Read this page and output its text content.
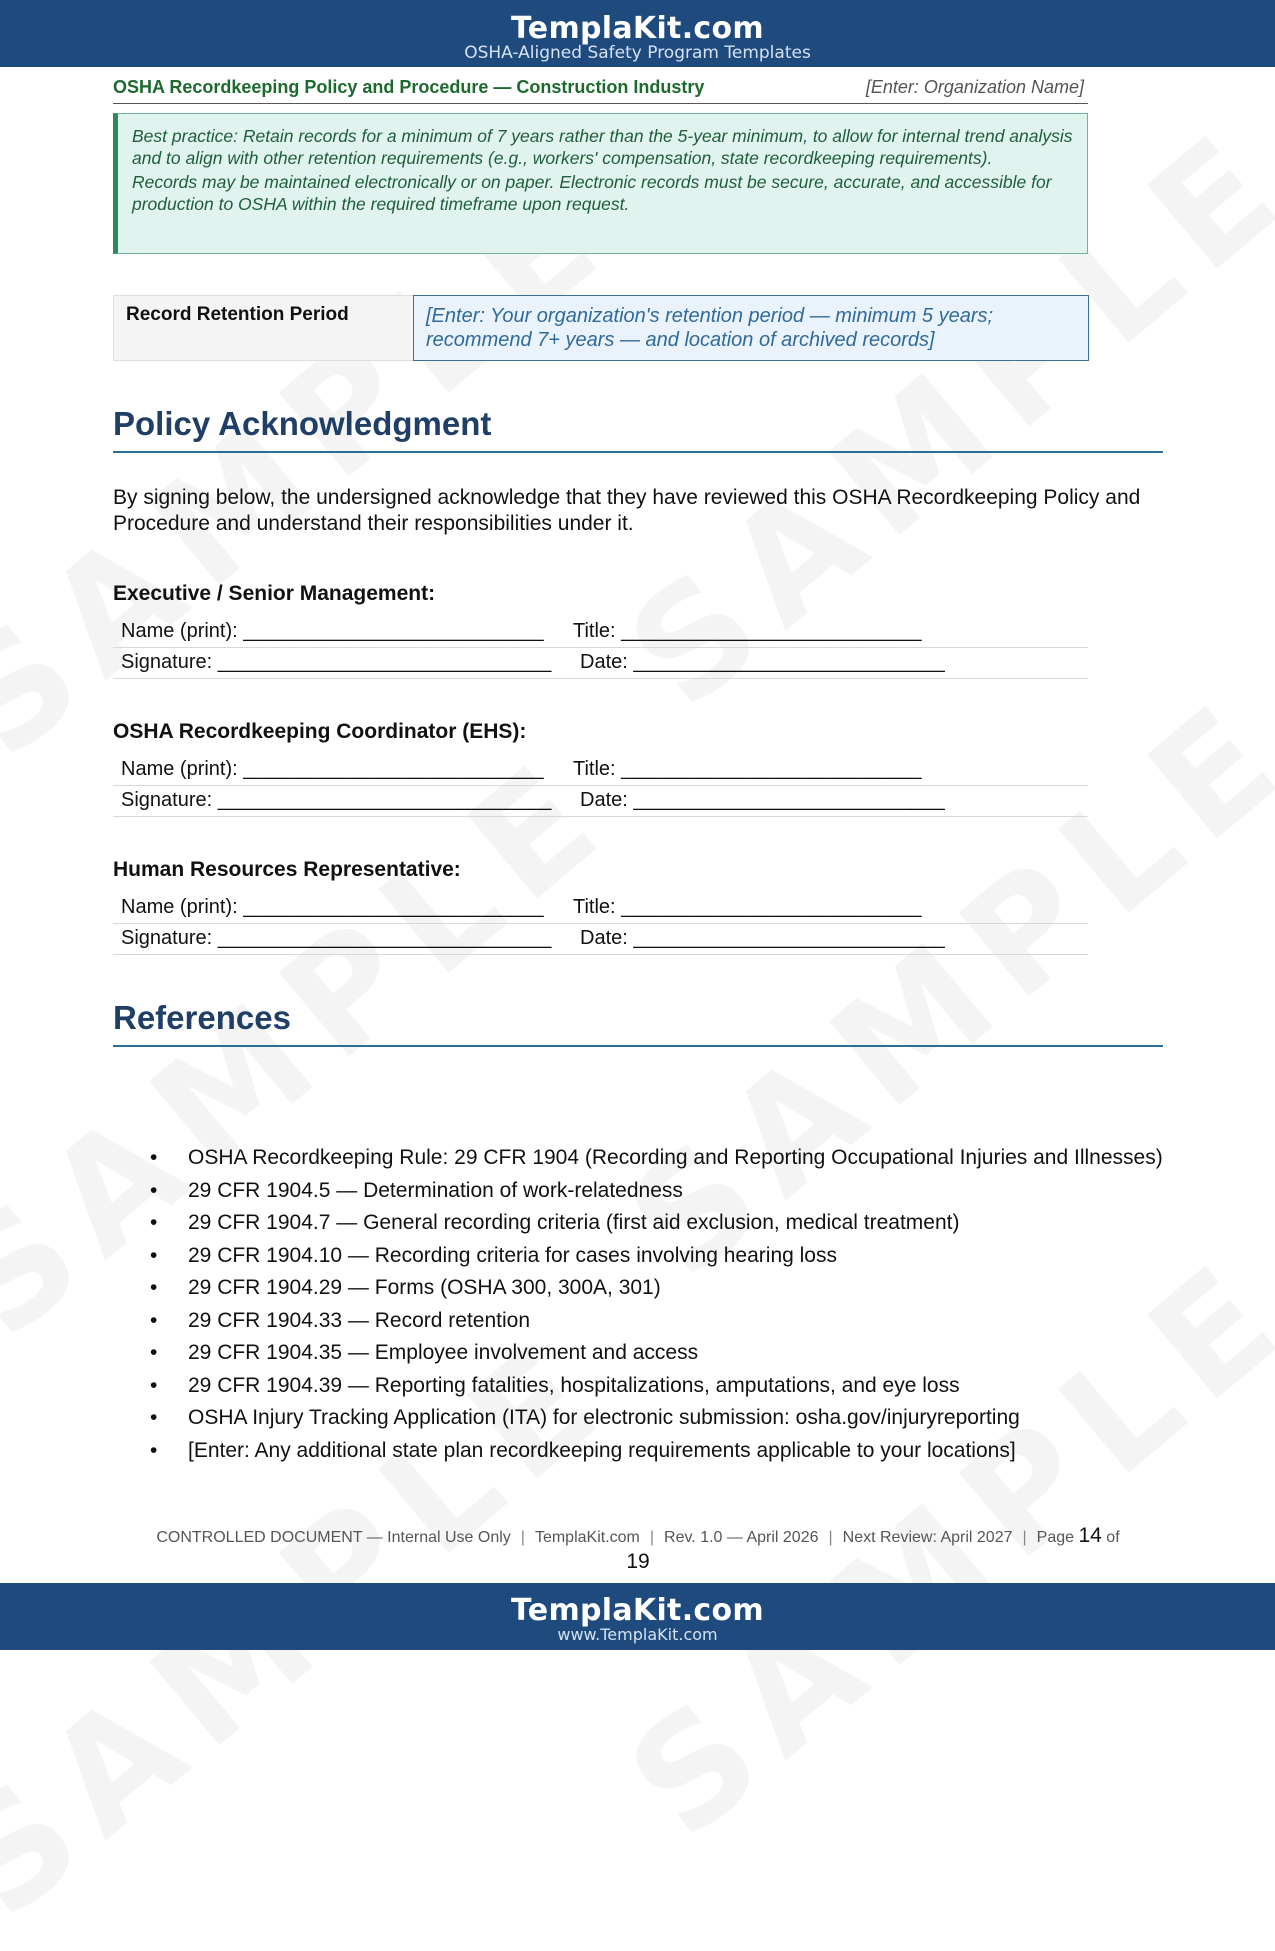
TemplaKit.com
OSHA-Aligned Safety Program Templates
OSHA Recordkeeping Policy and Procedure — Construction Industry	[Enter: Organization Name]

Best practice: Retain records for a minimum of 7 years rather than the 5-year minimum, to allow for internal trend analysis and to align with other retention requirements (e.g., workers' compensation, state recordkeeping requirements).

Records may be maintained electronically or on paper. Electronic records must be secure, accurate, and accessible for production to OSHA within the required timeframe upon request.

Record Retention Period	[Enter: Your organization's retention period — minimum 5 years; recommend 7+ years — and location of archived records]
Policy Acknowledgment
By signing below, the undersigned acknowledge that they have reviewed this OSHA Recordkeeping Policy and Procedure and understand their responsibilities under it.
Executive / Senior Management:
Name (print): ___________________________ Title: ___________________________
Signature: ______________________________ Date: ____________________________
OSHA Recordkeeping Coordinator (EHS):
Name (print): ___________________________ Title: ___________________________
Signature: ______________________________ Date: ____________________________
Human Resources Representative:
Name (print): ___________________________ Title: ___________________________
Signature: ______________________________ Date: ____________________________
References
• OSHA Recordkeeping Rule: 29 CFR 1904 (Recording and Reporting Occupational Injuries and Illnesses)
• 29 CFR 1904.5 — Determination of work-relatedness
• 29 CFR 1904.7 — General recording criteria (first aid exclusion, medical treatment)
• 29 CFR 1904.10 — Recording criteria for cases involving hearing loss
• 29 CFR 1904.29 — Forms (OSHA 300, 300A, 301)
• 29 CFR 1904.33 — Record retention
• 29 CFR 1904.35 — Employee involvement and access
• 29 CFR 1904.39 — Reporting fatalities, hospitalizations, amputations, and eye loss
• OSHA Injury Tracking Application (ITA) for electronic submission: osha.gov/injuryreporting
• [Enter: Any additional state plan recordkeeping requirements applicable to your locations]
CONTROLLED DOCUMENT — Internal Use Only | TemplaKit.com | Rev. 1.0 — April 2026 | Next Review: April 2027 | Page 14 of
19
TemplaKit.com
www.TemplaKit.com
